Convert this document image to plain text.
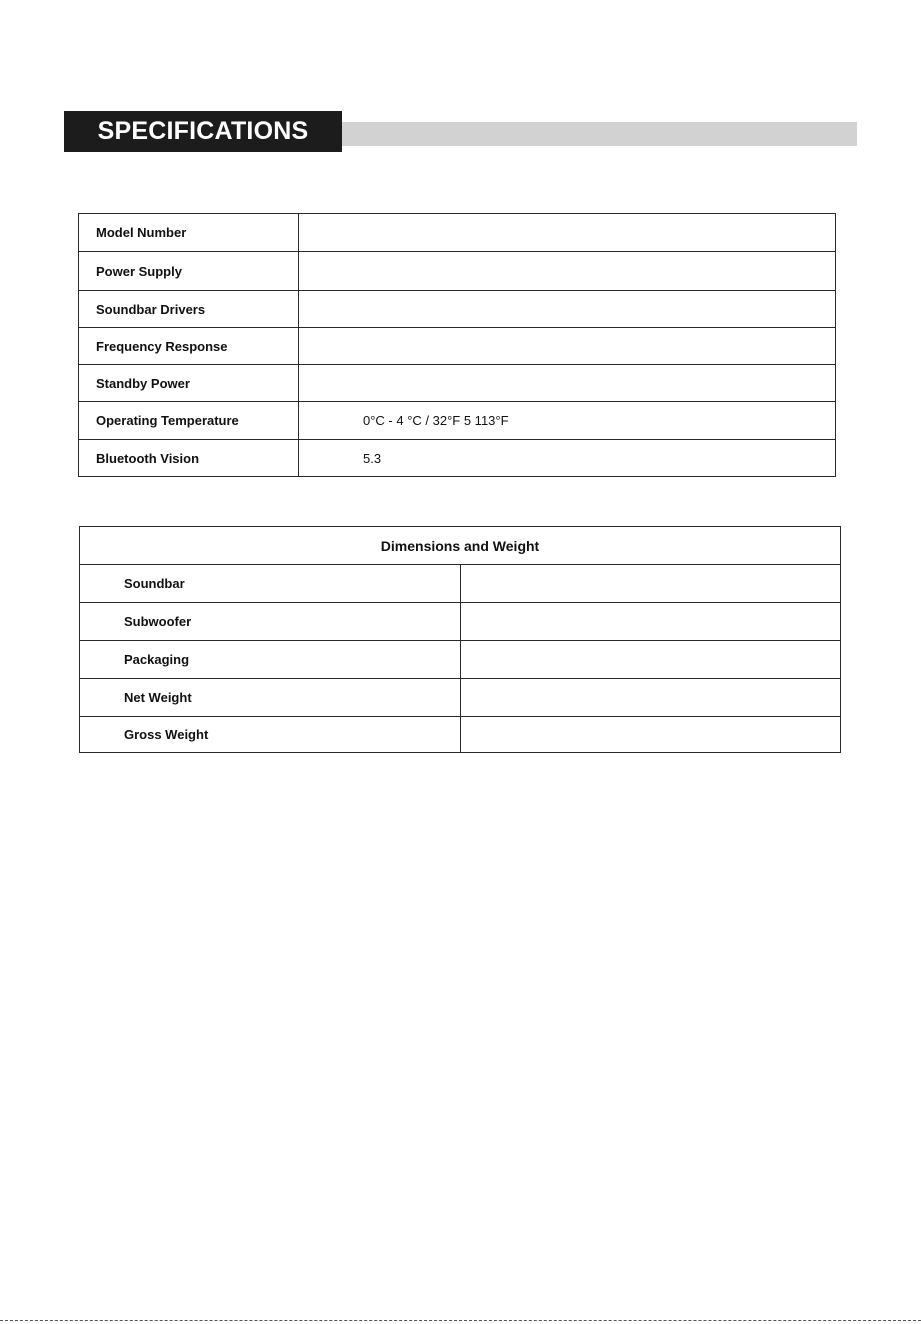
SPECIFICATIONS
Model Number	
Power Supply	
Soundbar Drivers	
Frequency Response	
Standby Power	
Operating Temperature	0°C - 4 °C / 32°F 5 113°F
Bluetooth Vision	5.3
Dimensions and Weight	
Soundbar	
Subwoofer	
Packaging	
Net Weight	
Gross Weight	
